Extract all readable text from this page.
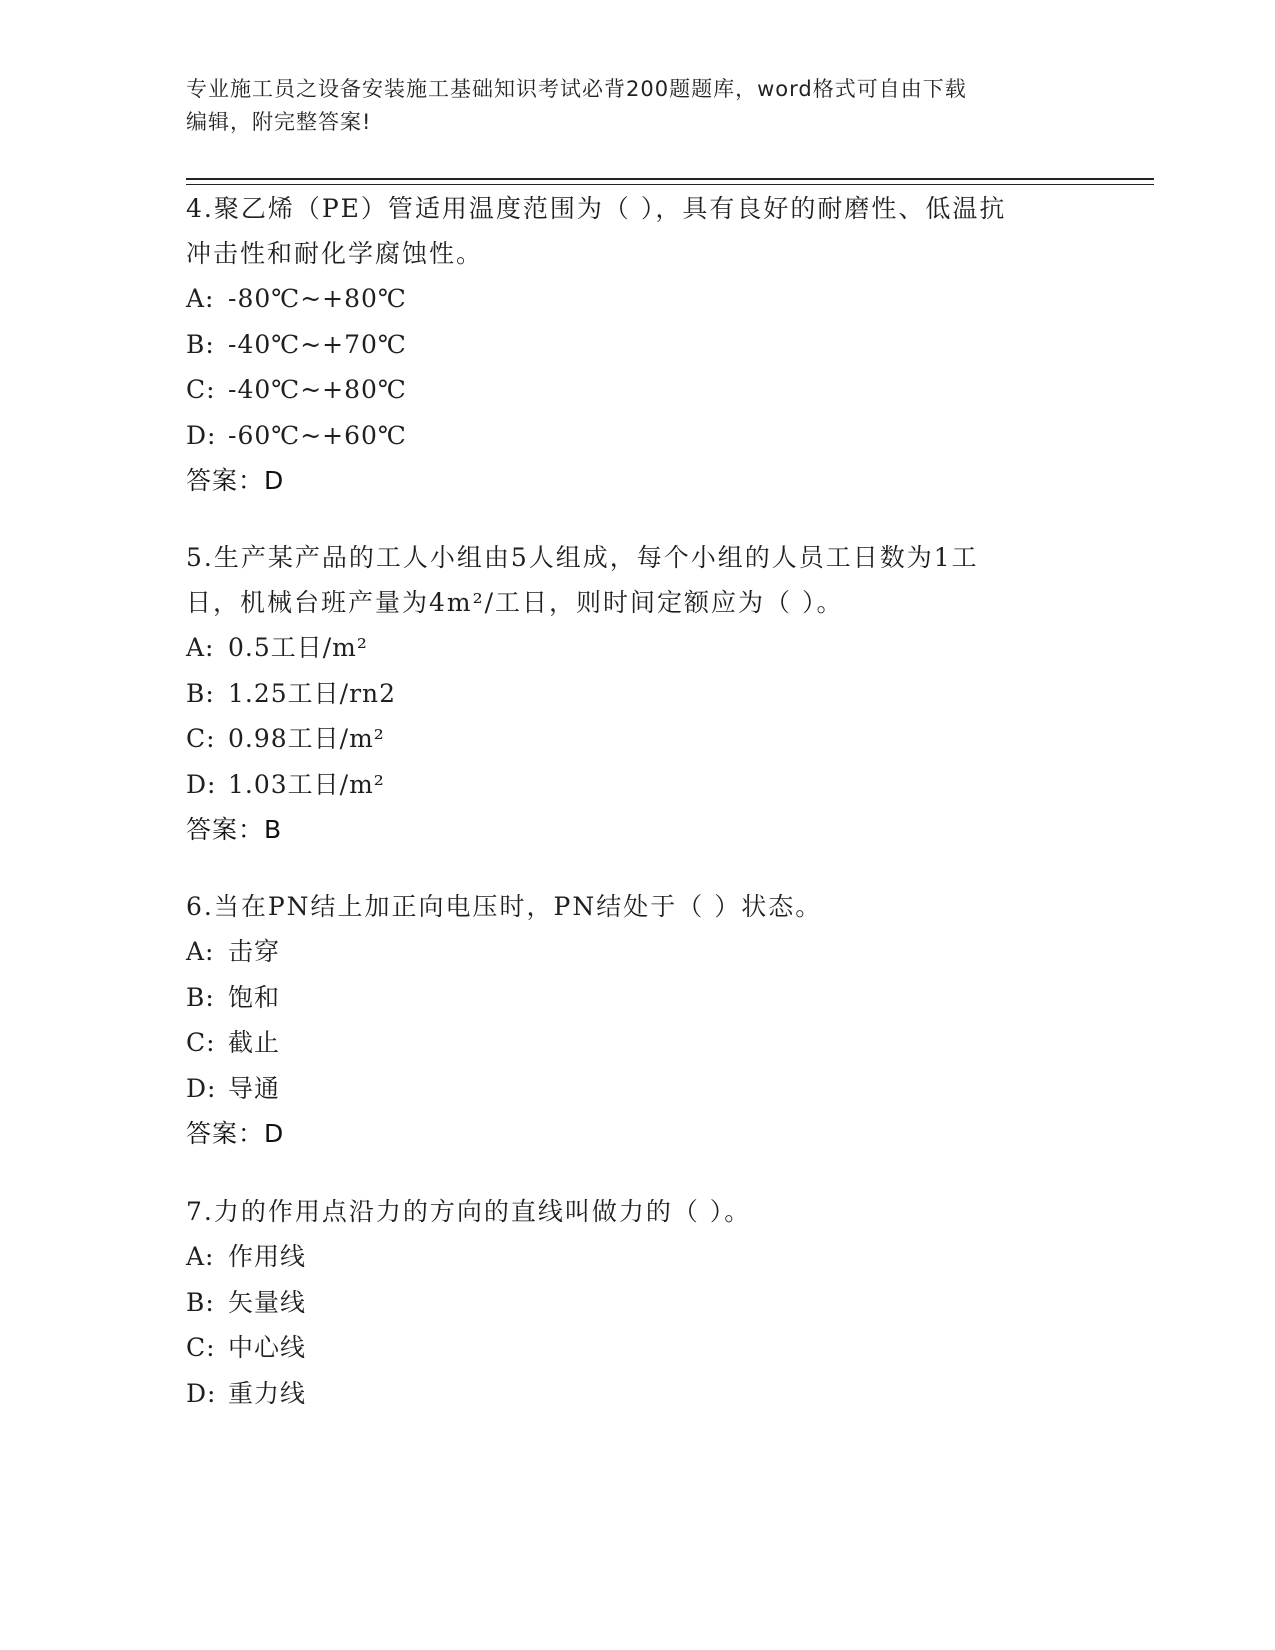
专业施工员之设备安装施工基础知识考试必背200题题库，word格式可自由下载
编辑，附完整答案!
4.聚乙烯（PE）管适用温度范围为（ ），具有良好的耐磨性、低温抗
冲击性和耐化学腐蚀性。
A: -80℃~+80℃
B: -40℃~+70℃
C: -40℃~+80℃
D: -60℃~+60℃
答案：D
5.生产某产品的工人小组由5人组成，每个小组的人员工日数为1工
日，机械台班产量为4m²/工日，则时间定额应为（ ）。
A: 0.5工日/m²
B: 1.25工日/rn2
C: 0.98工日/m²
D: 1.03工日/m²
答案：B
6.当在PN结上加正向电压时，PN结处于（ ）状态。
A: 击穿
B: 饱和
C: 截止
D: 导通
答案：D
7.力的作用点沿力的方向的直线叫做力的（ ）。
A: 作用线
B: 矢量线
C: 中心线
D: 重力线
